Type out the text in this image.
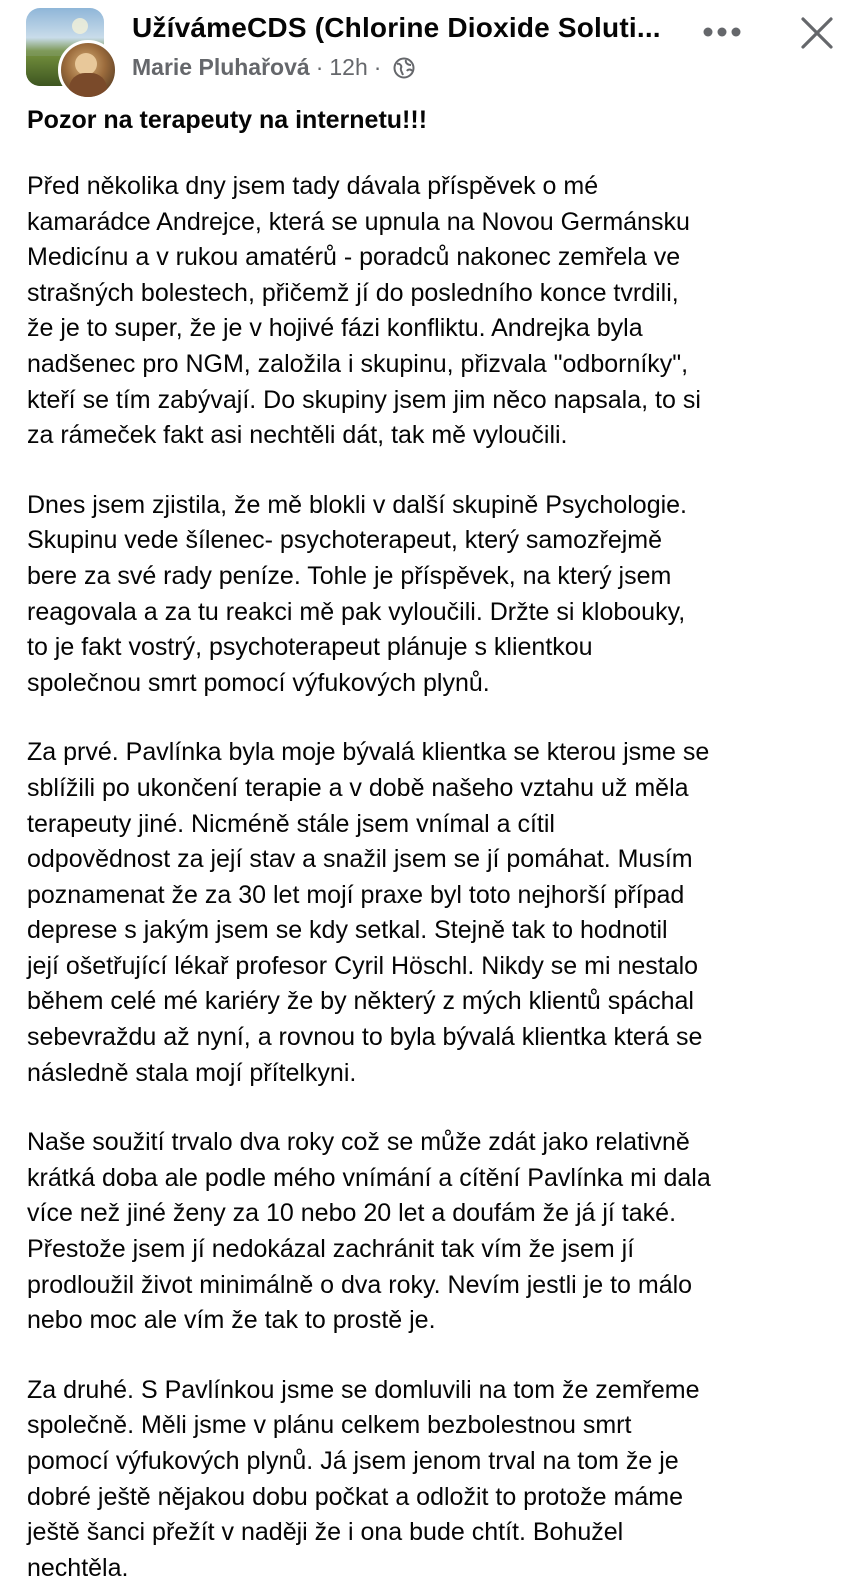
UžívámeCDS (Chlorine Dioxide Soluti...
Marie Pluhařová · 12h ·

Pozor na terapeuty na internetu!!!

Před několika dny jsem tady dávala příspěvek o mé
kamarádce Andrejce, která se upnula na Novou Germánsku
Medicínu a v rukou amatérů - poradců nakonec zemřela ve
strašných bolestech, přičemž jí do posledního konce tvrdili,
že je to super, že je v hojivé fázi konfliktu. Andrejka byla
nadšenec pro NGM, založila i skupinu, přizvala "odborníky",
kteří se tím zabývají. Do skupiny jsem jim něco napsala, to si
za rámeček fakt asi nechtěli dát, tak mě vyloučili.

Dnes jsem zjistila, že mě blokli v další skupině Psychologie.
Skupinu vede šílenec- psychoterapeut, který samozřejmě
bere za své rady peníze. Tohle je příspěvek, na který jsem
reagovala a za tu reakci mě pak vyloučili. Držte si klobouky,
to je fakt vostrý, psychoterapeut plánuje s klientkou
společnou smrt pomocí výfukových plynů.

Za prvé. Pavlínka byla moje bývalá klientka se kterou jsme se
sblížili po ukončení terapie a v době našeho vztahu už měla
terapeuty jiné. Nicméně stále jsem vnímal a cítil
odpovědnost za její stav a snažil jsem se jí pomáhat. Musím
poznamenat že za 30 let mojí praxe byl toto nejhorší případ
deprese s jakým jsem se kdy setkal. Stejně tak to hodnotil
její ošetřující lékař profesor Cyril Höschl. Nikdy se mi nestalo
během celé mé kariéry že by některý z mých klientů spáchal
sebevraždu až nyní, a rovnou to byla bývalá klientka která se
následně stala mojí přítelkyni.

Naše soužití trvalo dva roky což se může zdát jako relativně
krátká doba ale podle mého vnímání a cítění Pavlínka mi dala
více než jiné ženy za 10 nebo 20 let a doufám že já jí také.
Přestože jsem jí nedokázal zachránit tak vím že jsem jí
prodloužil život minimálně o dva roky. Nevím jestli je to málo
nebo moc ale vím že tak to prostě je.

Za druhé. S Pavlínkou jsme se domluvili na tom že zemřeme
společně. Měli jsme v plánu celkem bezbolestnou smrt
pomocí výfukových plynů. Já jsem jenom trval na tom že je
dobré ještě nějakou dobu počkat a odložit to protože máme
ještě šanci přežít v naději že i ona bude chtít. Bohužel
nechtěla.
